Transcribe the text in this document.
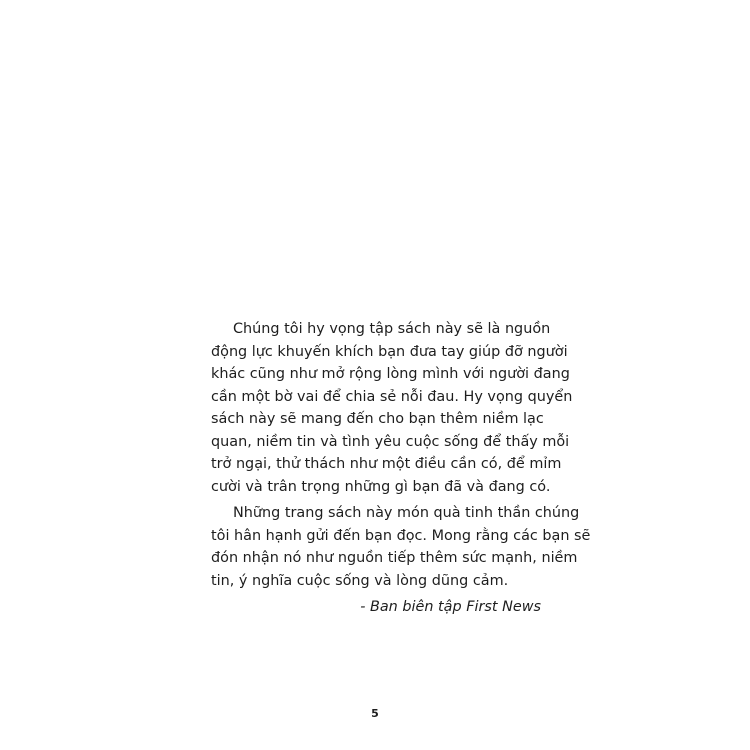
Chúng tôi hy vọng tập sách này sẽ là nguồn
động lực khuyến khích bạn đưa tay giúp đỡ người
khác cũng như mở rộng lòng mình với người đang
cần một bờ vai để chia sẻ nỗi đau. Hy vọng quyển
sách này sẽ mang đến cho bạn thêm niềm lạc
quan, niềm tin và tình yêu cuộc sống để thấy mỗi
trở ngại, thử thách như một điều cần có, để mỉm
cười và trân trọng những gì bạn đã và đang có.
Những trang sách này món quà tinh thần chúng
tôi hân hạnh gửi đến bạn đọc. Mong rằng các bạn sẽ
đón nhận nó như nguồn tiếp thêm sức mạnh, niềm
tin, ý nghĩa cuộc sống và lòng dũng cảm.
- Ban biên tập First News
5
